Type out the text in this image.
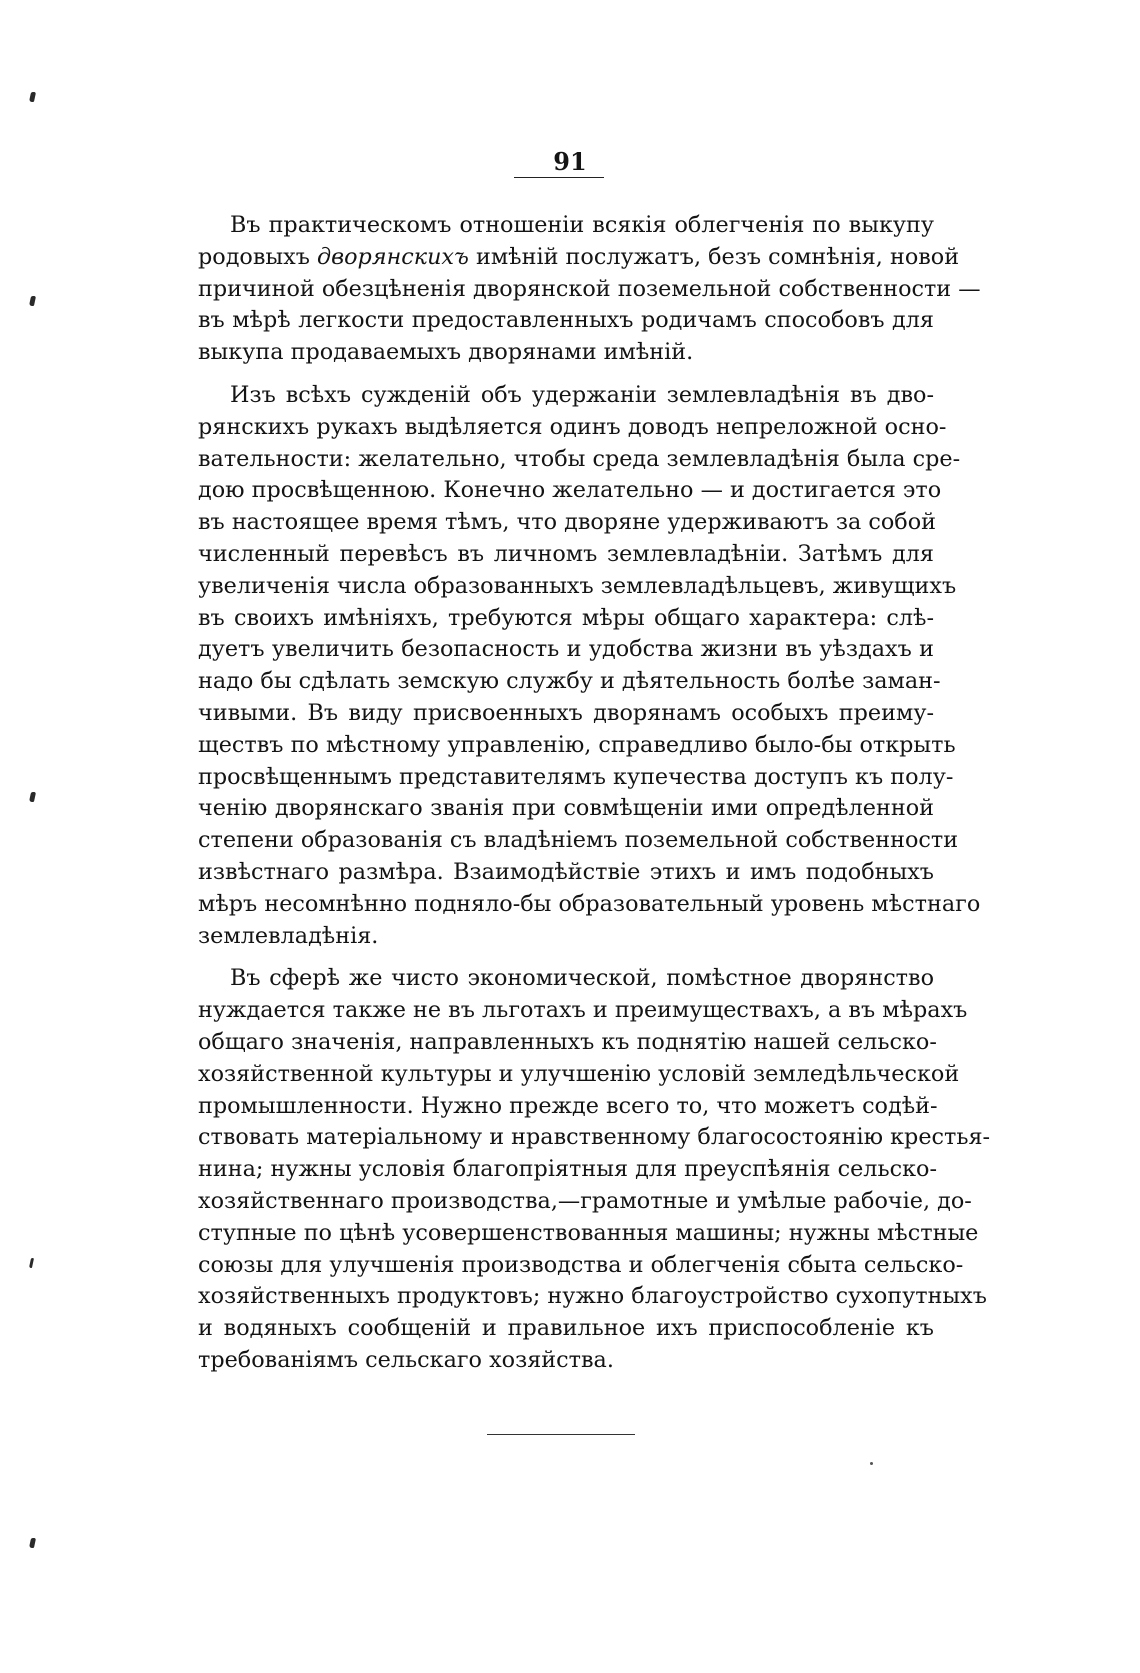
91
Въ практическомъ отношеніи всякія облегченія по выкупу
родовыхъ дворянскихъ имѣній послужатъ, безъ сомнѣнія, новой
причиной обезцѣненія дворянской поземельной собственности —
въ мѣрѣ легкости предоставленныхъ родичамъ способовъ для
выкупа продаваемыхъ дворянами имѣній.
Изъ всѣхъ сужденій объ удержаніи землевладѣнія въ дво-
рянскихъ рукахъ выдѣляется одинъ доводъ непреложной осно-
вательности: желательно, чтобы среда землевладѣнія была сре-
дою просвѣщенною. Конечно желательно — и достигается это
въ настоящее время тѣмъ, что дворяне удерживаютъ за собой
численный перевѣсъ въ личномъ землевладѣніи. Затѣмъ для
увеличенія числа образованныхъ землевладѣльцевъ, живущихъ
въ своихъ имѣніяхъ, требуются мѣры общаго характера: слѣ-
дуетъ увеличить безопасность и удобства жизни въ уѣздахъ и
надо бы сдѣлать земскую службу и дѣятельность болѣе заман-
чивыми. Въ виду присвоенныхъ дворянамъ особыхъ преиму-
ществъ по мѣстному управленію, справедливо было-бы открыть
просвѣщеннымъ представителямъ купечества доступъ къ полу-
ченію дворянскаго званія при совмѣщеніи ими опредѣленной
степени образованія съ владѣніемъ поземельной собственности
извѣстнаго размѣра. Взаимодѣйствіе этихъ и имъ подобныхъ
мѣръ несомнѣнно подняло-бы образовательный уровень мѣстнаго
землевладѣнія.
Въ сферѣ же чисто экономической, помѣстное дворянство
нуждается также не въ льготахъ и преимуществахъ, а въ мѣрахъ
общаго значенія, направленныхъ къ поднятію нашей сельско-
хозяйственной культуры и улучшенію условій земледѣльческой
промышленности. Нужно прежде всего то, что можетъ содѣй-
ствовать матеріальному и нравственному благосостоянію крестья-
нина; нужны условія благопріятныя для преуспѣянія сельско-
хозяйственнаго производства,—грамотные и умѣлые рабочіе, до-
ступные по цѣнѣ усовершенствованныя машины; нужны мѣстные
союзы для улучшенія производства и облегченія сбыта сельско-
хозяйственныхъ продуктовъ; нужно благоустройство сухопутныхъ
и водяныхъ сообщеній и правильное ихъ приспособленіе къ
требованіямъ сельскаго хозяйства.
